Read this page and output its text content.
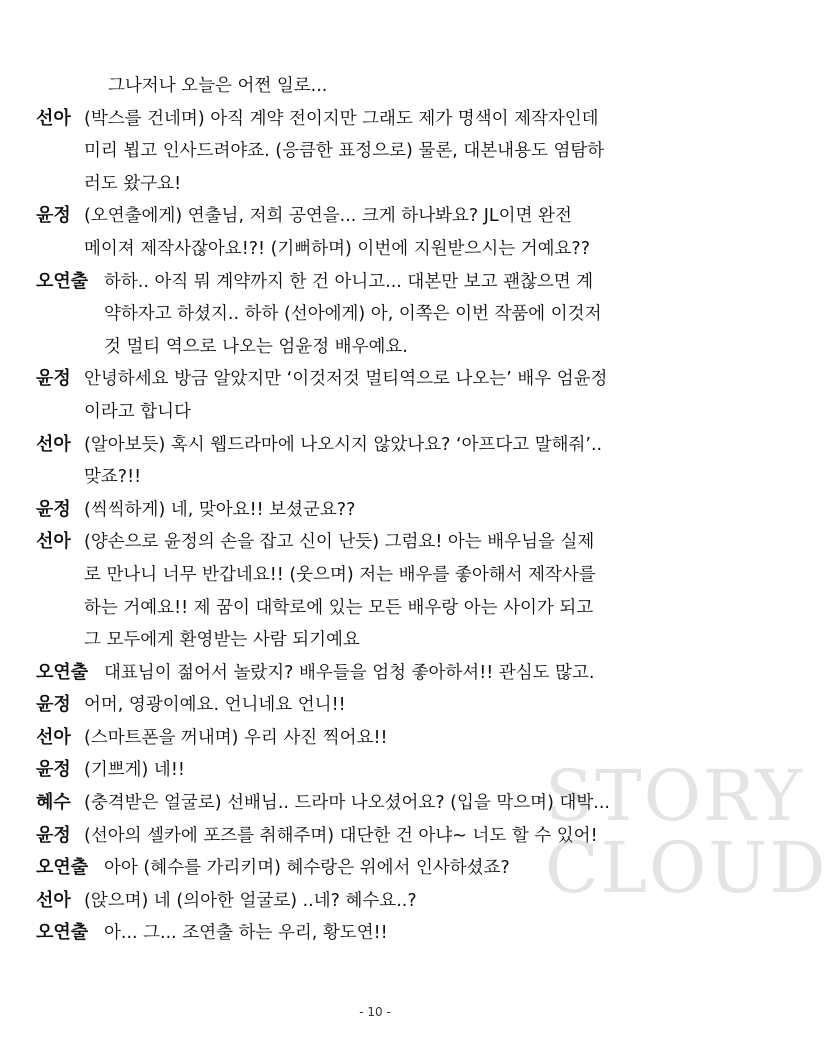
STORY
CLOUD
그나저나 오늘은 어쩐 일로...
선아 (박스를 건네며) 아직 계약 전이지만 그래도 제가 명색이 제작자인데
미리 뵙고 인사드려야죠. (응큼한 표정으로) 물론, 대본내용도 염탐하
러도 왔구요!
윤정 (오연출에게) 연출님, 저희 공연을... 크게 하나봐요? JL이면 완전
메이져 제작사잖아요!?! (기뻐하며) 이번에 지원받으시는 거예요??
오연출 하하.. 아직 뭐 계약까지 한 건 아니고... 대본만 보고 괜찮으면 계
약하자고 하셨지.. 하하 (선아에게) 아, 이쪽은 이번 작품에 이것저
것 멀티 역으로 나오는 엄윤정 배우예요.
윤정 안녕하세요 방금 알았지만 ‘이것저것 멀티역으로 나오는’ 배우 엄윤정
이라고 합니다
선아 (알아보듯) 혹시 웹드라마에 나오시지 않았나요? ‘아프다고 말해줘’..
맞죠?!!
윤정 (씩씩하게) 네, 맞아요!! 보셨군요??
선아 (양손으로 윤정의 손을 잡고 신이 난듯) 그럼요! 아는 배우님을 실제
로 만나니 너무 반갑네요!! (웃으며) 저는 배우를 좋아해서 제작사를
하는 거예요!! 제 꿈이 대학로에 있는 모든 배우랑 아는 사이가 되고
그 모두에게 환영받는 사람 되기예요
오연출 대표님이 젊어서 놀랐지? 배우들을 엄청 좋아하셔!! 관심도 많고.
윤정 어머, 영광이예요. 언니네요 언니!!
선아 (스마트폰을 꺼내며) 우리 사진 찍어요!!
윤정 (기쁘게) 네!!
혜수 (충격받은 얼굴로) 선배님.. 드라마 나오셨어요? (입을 막으며) 대박...
윤정 (선아의 셀카에 포즈를 취해주며) 대단한 건 아냐~ 너도 할 수 있어!
오연출 아아 (혜수를 가리키며) 혜수랑은 위에서 인사하셨죠?
선아 (앉으며) 네 (의아한 얼굴로) ..네? 혜수요..?
오연출 아... 그... 조연출 하는 우리, 황도연!!
- 10 -
